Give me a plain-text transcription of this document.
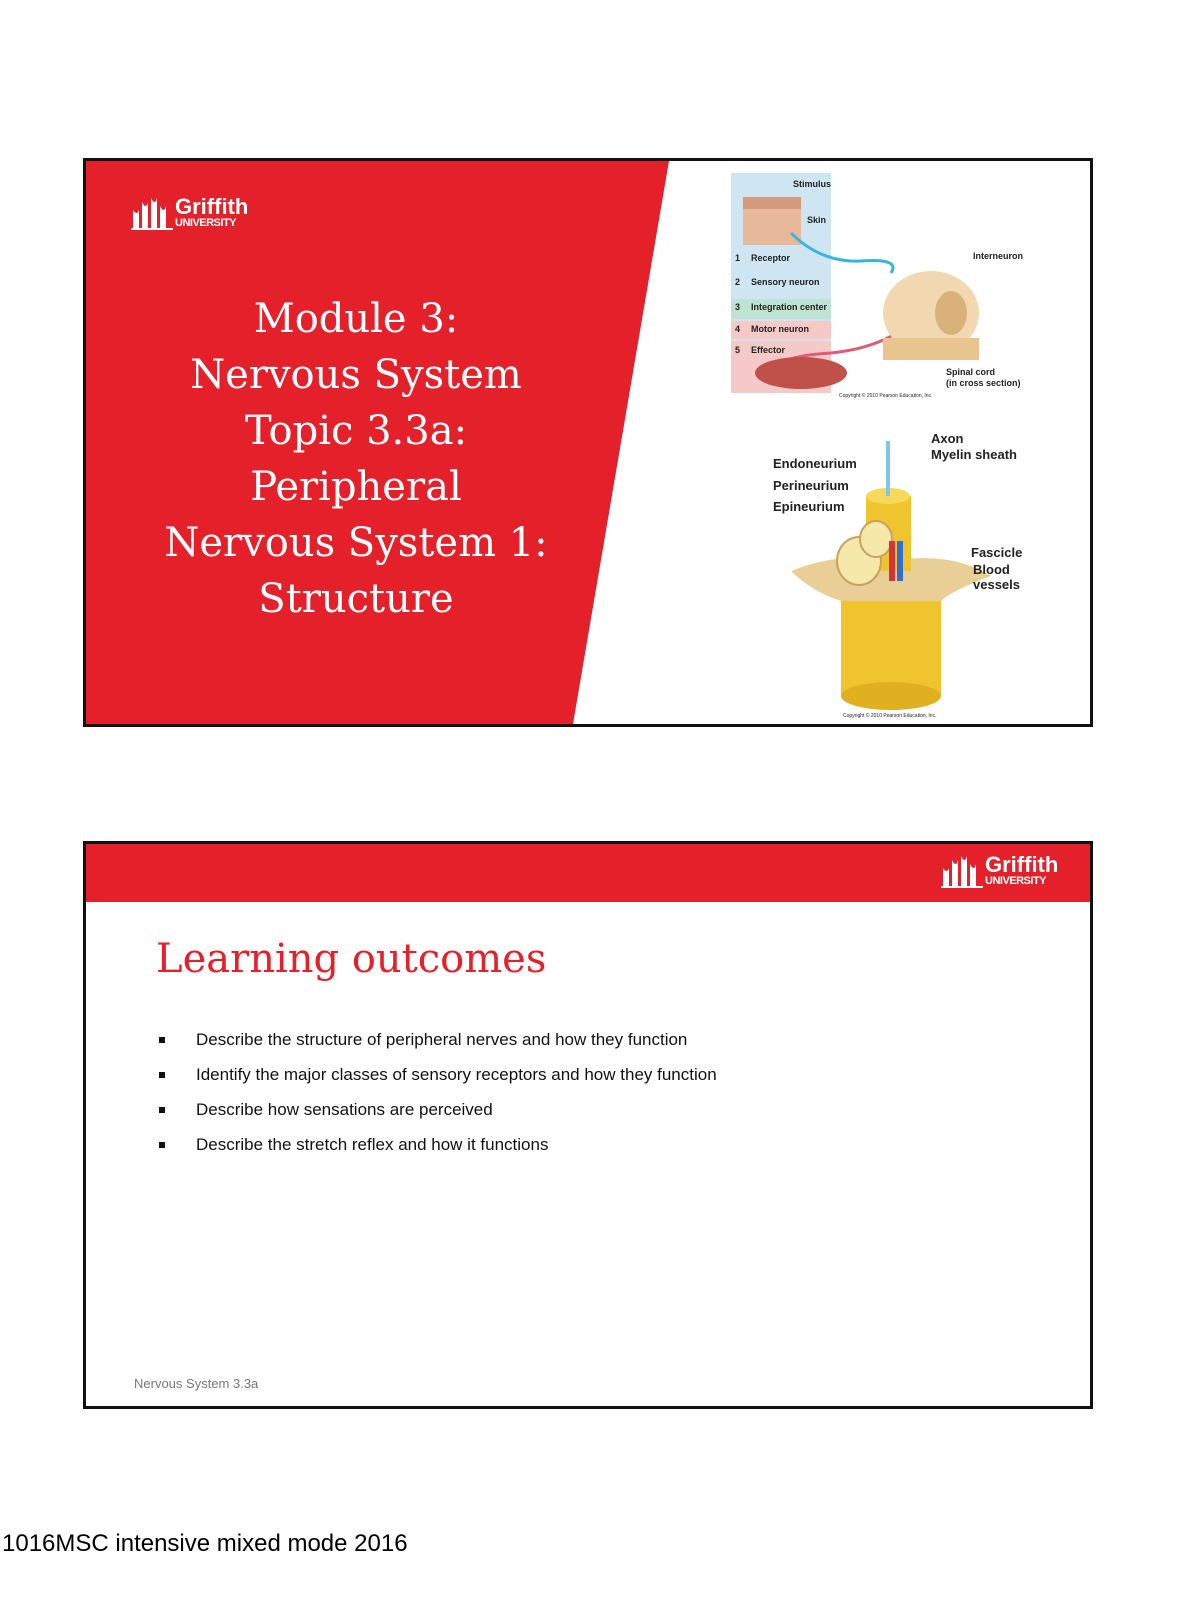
Griffith
UNIVERSITY
Module 3:
Nervous System
Topic 3.3a:
Peripheral
Nervous System 1:
Structure
1
2
3
4
5
Stimulus
Skin
Receptor
Sensory neuron
Integration center
Motor neuron
Effector
Interneuron
Spinal cord
(in cross section)
Copyright © 2010 Pearson Education, Inc.
Axon
Myelin sheath
Endoneurium
Perineurium
Epineurium
Fascicle
Blood
vessels
Copyright © 2010 Pearson Education, Inc.
Griffith
UNIVERSITY
Learning outcomes
Describe the structure of peripheral nerves and how they function
Identify the major classes of sensory receptors and how they function
Describe how sensations are perceived
Describe the stretch reflex and how it functions
Nervous System 3.3a
1016MSC intensive mixed mode 2016
